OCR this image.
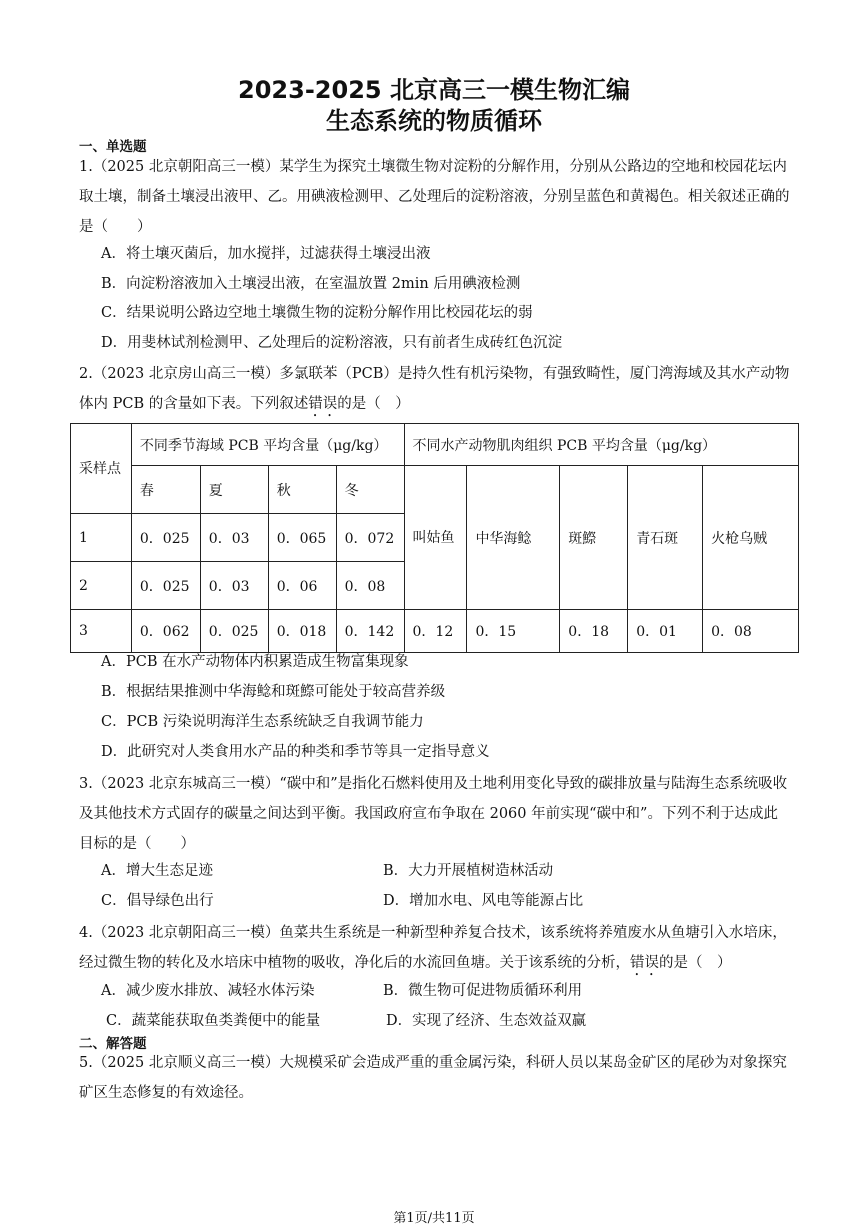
2023-2025 北京高三一模生物汇编
生态系统的物质循环
一、单选题
1.（2025 北京朝阳高三一模）某学生为探究土壤微生物对淀粉的分解作用，分别从公路边的空地和校园花坛内取土壤，制备土壤浸出液甲、乙。用碘液检测甲、乙处理后的淀粉溶液，分别呈蓝色和黄褐色。相关叙述正确的是（　　）
A．将土壤灭菌后，加水搅拌，过滤获得土壤浸出液
B．向淀粉溶液加入土壤浸出液，在室温放置 2min 后用碘液检测
C．结果说明公路边空地土壤微生物的淀粉分解作用比校园花坛的弱
D．用斐林试剂检测甲、乙处理后的淀粉溶液，只有前者生成砖红色沉淀
2.（2023 北京房山高三一模）多氯联苯（PCB）是持久性有机污染物，有强致畸性，厦门湾海域及其水产动物体内 PCB 的含量如下表。下列叙述错误的是（　）
采样点	不同季节海域 PCB 平均含量（μg/kg）				不同水产动物肌肉组织 PCB 平均含量（μg/kg）				
	春	夏	秋	冬	叫姑鱼	中华海鲶	斑鰶	青石斑	火枪乌贼
1	0．025	0．03	0．065	0．072					
2	0．025	0．03	0．06	0．08					
3	0．062	0．025	0．018	0．142	0．12	0．15	0．18	0．01	0．08
A．PCB 在水产动物体内积累造成生物富集现象
B．根据结果推测中华海鲶和斑鰶可能处于较高营养级
C．PCB 污染说明海洋生态系统缺乏自我调节能力
D．此研究对人类食用水产品的种类和季节等具一定指导意义
3.（2023 北京东城高三一模）“碳中和”是指化石燃料使用及土地利用变化导致的碳排放量与陆海生态系统吸收及其他技术方式固存的碳量之间达到平衡。我国政府宣布争取在 2060 年前实现“碳中和”。下列不利于达成此目标的是（　　）
A．增大生态足迹	B．大力开展植树造林活动
C．倡导绿色出行	D．增加水电、风电等能源占比
4.（2023 北京朝阳高三一模）鱼菜共生系统是一种新型种养复合技术，该系统将养殖废水从鱼塘引入水培床，经过微生物的转化及水培床中植物的吸收，净化后的水流回鱼塘。关于该系统的分析，错误的是（　）
A．减少废水排放、减轻水体污染	B．微生物可促进物质循环利用
C．蔬菜能获取鱼类粪便中的能量	D．实现了经济、生态效益双赢
二、解答题
5.（2025 北京顺义高三一模）大规模采矿会造成严重的重金属污染，科研人员以某岛金矿区的尾砂为对象探究矿区生态修复的有效途径。
第1页/共11页
